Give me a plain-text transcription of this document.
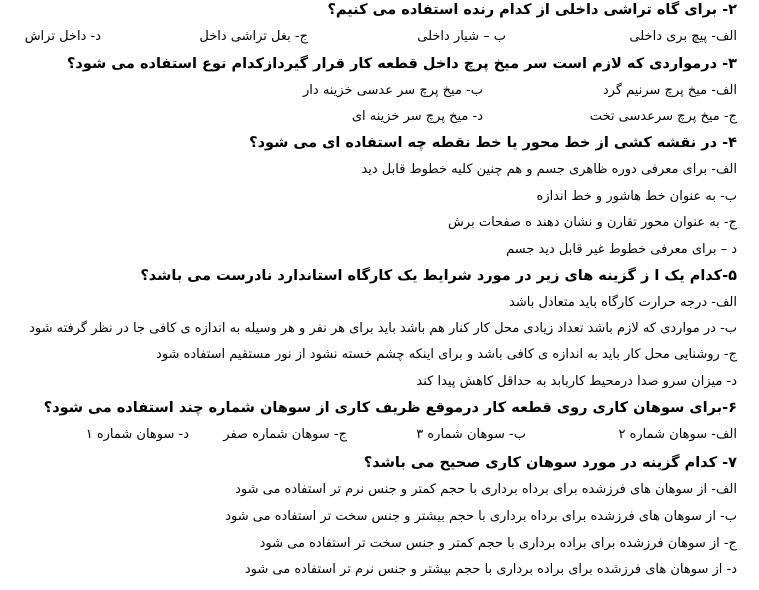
۲- برای گاه تراشی داخلی از کدام رنده استفاده می کنیم؟
الف- پیچ بری داخلی
ب – شیار داخلی
ج- بغل تراشی داخل
د- داخل تراش
۳- درمواردی که لازم است سر میخ پرچ داخل قطعه کار قرار گیردازکدام نوع استفاده می شود؟
الف- میخ پرچ سرنیم گرد
ب- میخ پرچ سر عدسی خزینه دار
ج- میخ پرچ سرعدسی تخت
د- میخ پرچ سر خزینه ای
۴- در نقشه کشی از خط محور یا خط نقطه چه استفاده ای می شود؟
الف- برای معرفی دوره ظاهری جسم و هم چنین کلیه خطوط قابل دید
ب- به عنوان خط هاشور و خط اندازه
ج- به عنوان محور تقارن و نشان دهند ه صفحات برش
د – برای معرفی خطوط غیر قابل دید جسم
۵-کدام یک ا ز گزینه های زیر در مورد شرایط یک کارگاه استاندارد نادرست می باشد؟
الف- درجه حرارت کارگاه باید متعادل باشد
ب- در مواردی که لازم باشد تعداد زیادی محل کار کنار هم باشد باید برای هر نفر و هر وسیله به اندازه ی کافی جا در نظر گرفته شود
ج- روشنایی محل کار باید به اندازه ی کافی باشد و برای اینکه چشم خسته نشود از نور مستقیم استفاده شود
د- میزان سرو صدا درمحیط کاربابد به حداقل کاهش پیدا کند
۶-برای سوهان کاری روی قطعه کار درموقع ظریف کاری از سوهان شماره چند استفاده می شود؟
الف- سوهان شماره ۲
ب- سوهان شماره ۳
ج- سوهان شماره صفر
د- سوهان شماره ۱
۷- کدام گزینه در مورد سوهان کاری صحیح می باشد؟
الف- از سوهان های فرزشده برای برداه برداری با حجم کمتر و جنس نرم تر استفاده می شود
ب- از سوهان های فرزشده برای برداه برداری با حجم بیشتر و جنس سخت تر استفاده می شود
ج- از سوهان فرزشده برای براده برداری با حجم کمتر و جنس سخت تر استفاده می شود
د- از سوهان های فرزشده برای براده برداری با حجم بیشتر و جنس نرم تر استفاده می شود
